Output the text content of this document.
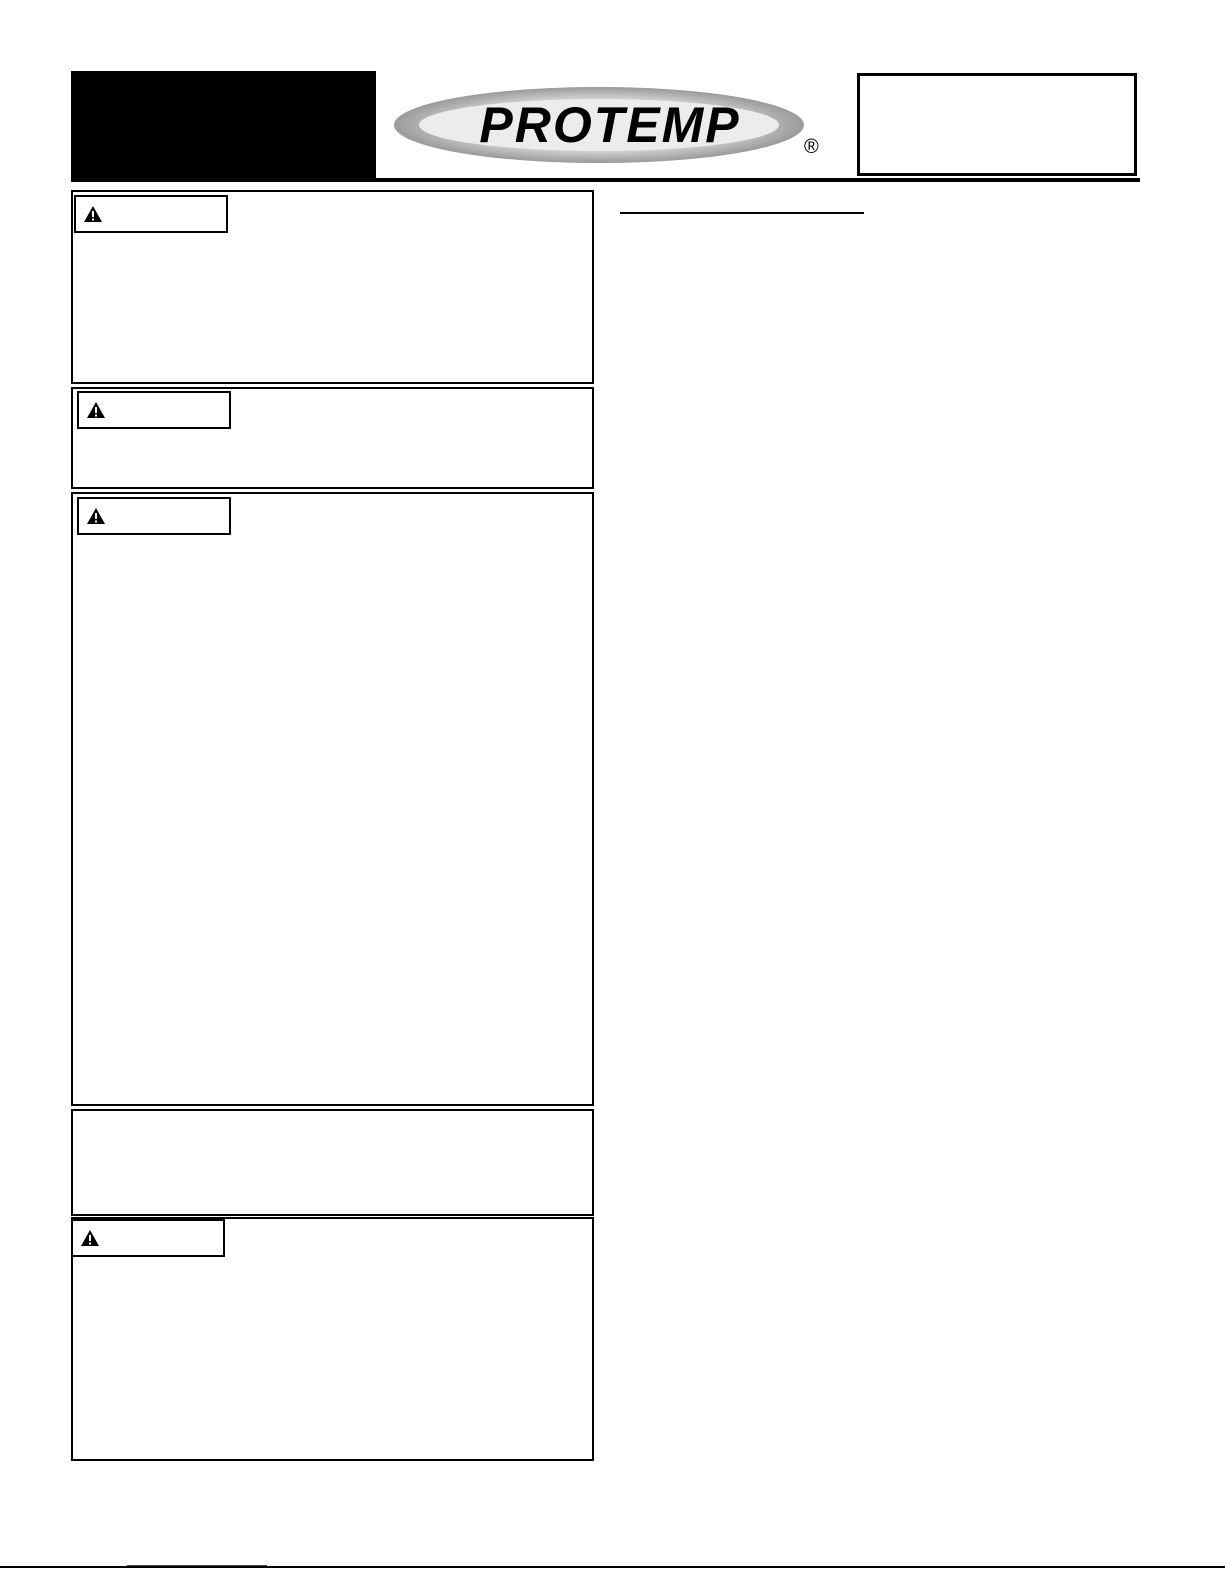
PROTEMP	®
